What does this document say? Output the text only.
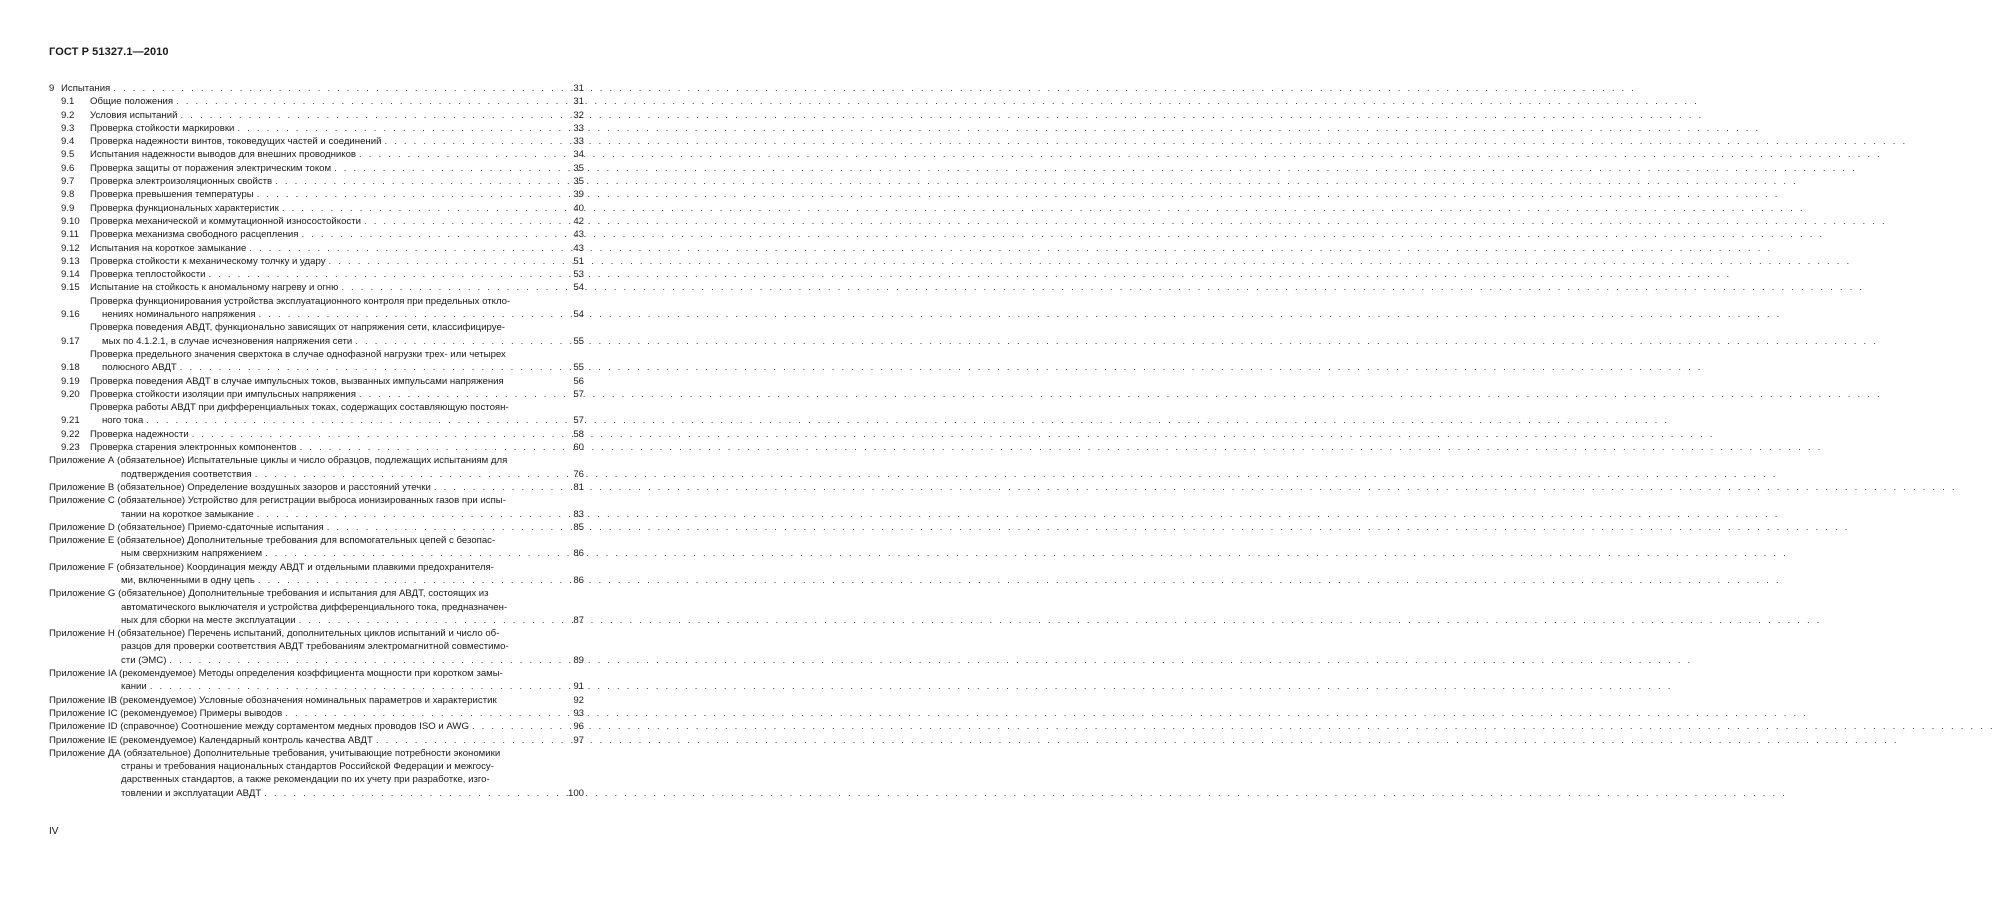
ГОСТ Р 51327.1—2010
9 Испытания . . .	31
9.1	Общие положения . . .	31
9.2	Условия испытаний . . .	32
9.3	Проверка стойкости маркировки . . .	33
9.4	Проверка надежности винтов, токоведущих частей и соединений . . .	33
9.5	Испытания надежности выводов для внешних проводников . . .	34
9.6	Проверка защиты от поражения электрическим током . . .	35
9.7	Проверка электроизоляционных свойств . . .	35
9.8	Проверка превышения температуры . . .	39
9.9	Проверка функциональных характеристик . . .	40
9.10	Проверка механической и коммутационной износостойкости . . .	42
9.11	Проверка механизма свободного расцепления . . .	43
9.12	Испытания на короткое замыкание . . .	43
9.13	Проверка стойкости к механическому толчку и удару . . .	51
9.14	Проверка теплостойкости . . .	53
9.15	Испытание на стойкость к аномальному нагреву и огню . . .	54
9.16
Проверка функционирования устройства эксплуатационного контроля при предельных откло-
нениях номинального напряжения . . .	54
9.17
Проверка поведения АВДТ, функционально зависящих от напряжения сети, классифицируе-
мых по 4.1.2.1, в случае исчезновения напряжения сети . . .	55
9.18
Проверка предельного значения сверхтока в случае однофазной нагрузки трех- или четырех
полюсного АВДТ . . .	55
9.19	Проверка поведения АВДТ в случае импульсных токов, вызванных импульсами напряжения	56
9.20	Проверка стойкости изоляции при импульсных напряжения . . .	57
9.21
Проверка работы АВДТ при дифференциальных токах, содержащих составляющую постоян-
ного тока . . .	57
9.22	Проверка надежности . . .	58
9.23	Проверка старения электронных компонентов . . .	60
Приложение А (обязательное) Испытательные циклы и число образцов, подлежащих испытаниям для
подтверждения соответствия . . .	76
Приложение В (обязательное) Определение воздушных зазоров и расстояний утечки . . .	81
Приложение С (обязательное) Устройство для регистрации выброса ионизированных газов при испы-
тании на короткое замыкание . . .	83
Приложение D (обязательное) Приемо-сдаточные испытания . . .	85
Приложение Е (обязательное) Дополнительные требования для вспомогательных цепей с безопас-
ным сверхнизким напряжением . . .	86
Приложение F (обязательное) Координация между АВДТ и отдельными плавкими предохранителя-
ми, включенными в одну цепь . . .	86
Приложение G (обязательное) Дополнительные требования и испытания для АВДТ, состоящих из
автоматического выключателя и устройства дифференциального тока, предназначен-
ных для сборки на месте эксплуатации . . .	87
Приложение Н (обязательное) Перечень испытаний, дополнительных циклов испытаний и число об-
разцов для проверки соответствия АВДТ требованиям электромагнитной совместимо-
сти (ЭМС) . . .	89
Приложение IA (рекомендуемое) Методы определения коэффициента мощности при коротком замы-
кании . . .	91
Приложение IB (рекомендуемое) Условные обозначения номинальных параметров и характеристик	92
Приложение IC (рекомендуемое) Примеры выводов . . .	93
Приложение ID (справочное) Соотношение между сортаментом медных проводов ISO и AWG . . .	96
Приложение IE (рекомендуемое) Календарный контроль качества АВДТ . . .	97
Приложение ДА (обязательное) Дополнительные требования, учитывающие потребности экономики
страны и требования национальных стандартов Российской Федерации и межгосу-
дарственных стандартов, а также рекомендации по их учету при разработке, изго-
товлении и эксплуатации АВДТ . . .	100
IV
